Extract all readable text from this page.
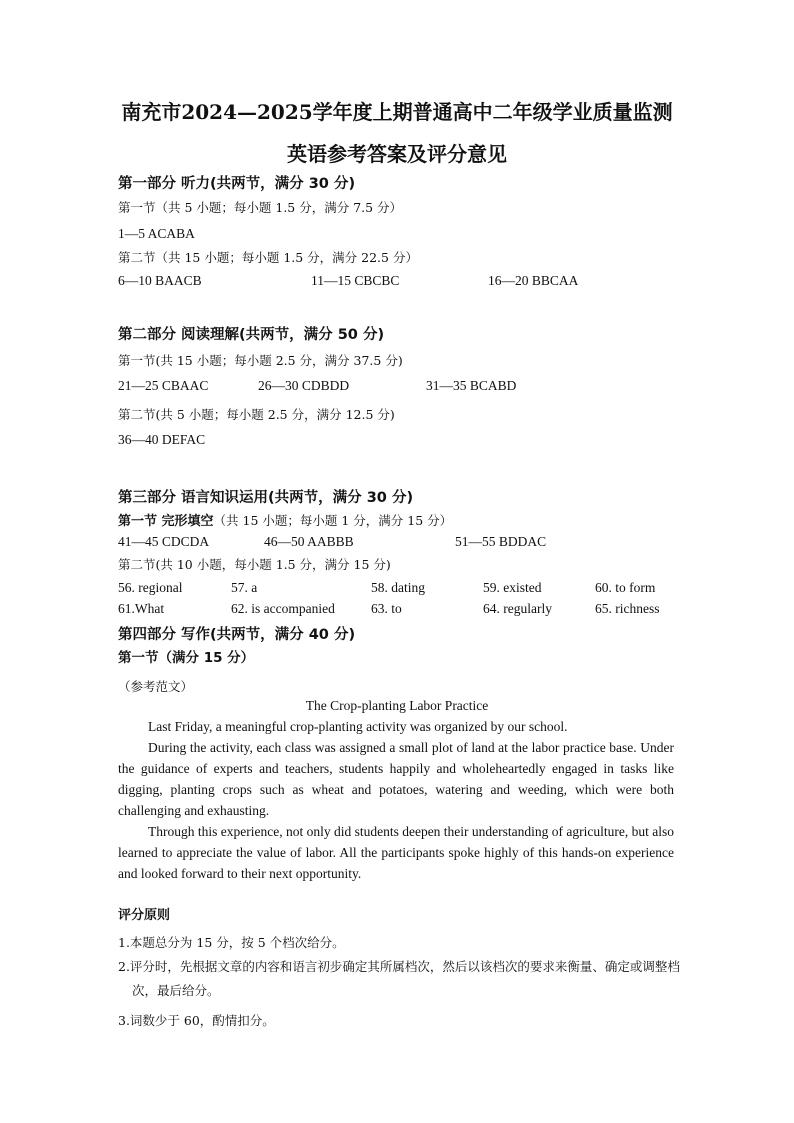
南充市2024—2025学年度上期普通高中二年级学业质量监测
英语参考答案及评分意见
第一部分 听力(共两节，满分 30 分)
第一节（共 5 小题；每小题 1.5 分，满分 7.5 分）
1—5 ACABA
第二节（共 15 小题；每小题 1.5 分，满分 22.5 分）
6—10 BAACB	11—15 CBCBC	16—20 BBCAA
第二部分 阅读理解(共两节，满分 50 分)
第一节(共 15 小题；每小题 2.5 分，满分 37.5 分)
21—25 CBAAC	26—30 CDBDD	31—35 BCABD
第二节(共 5 小题；每小题 2.5 分，满分 12.5 分)
36—40 DEFAC
第三部分 语言知识运用(共两节，满分 30 分)
第一节 完形填空（共 15 小题；每小题 1 分，满分 15 分）
41—45 CDCDA	46—50 AABBB	51—55 BDDAC
第二节(共 10 小题，每小题 1.5 分，满分 15 分)
56. regional	57. a	58. dating	59. existed	60. to form
61.What	62. is accompanied	63. to	64. regularly	65. richness
第四部分 写作(共两节，满分 40 分)
第一节（满分 15 分）
（参考范文）
The Crop-planting Labor Practice

Last Friday, a meaningful crop-planting activity was organized by our school.

During the activity, each class was assigned a small plot of land at the labor practice base. Under the guidance of experts and teachers, students happily and wholeheartedly engaged in tasks like digging, planting crops such as wheat and potatoes, watering and weeding, which were both challenging and exhausting.

Through this experience, not only did students deepen their understanding of agriculture, but also learned to appreciate the value of labor. All the participants spoke highly of this hands-on experience and looked forward to their next opportunity.

评分原则
1.本题总分为 15 分，按 5 个档次给分。

2.评分时，先根据文章的内容和语言初步确定其所属档次，然后以该档次的要求来衡量、确定或调整档次，最后给分。

3.词数少于 60，酌情扣分。
